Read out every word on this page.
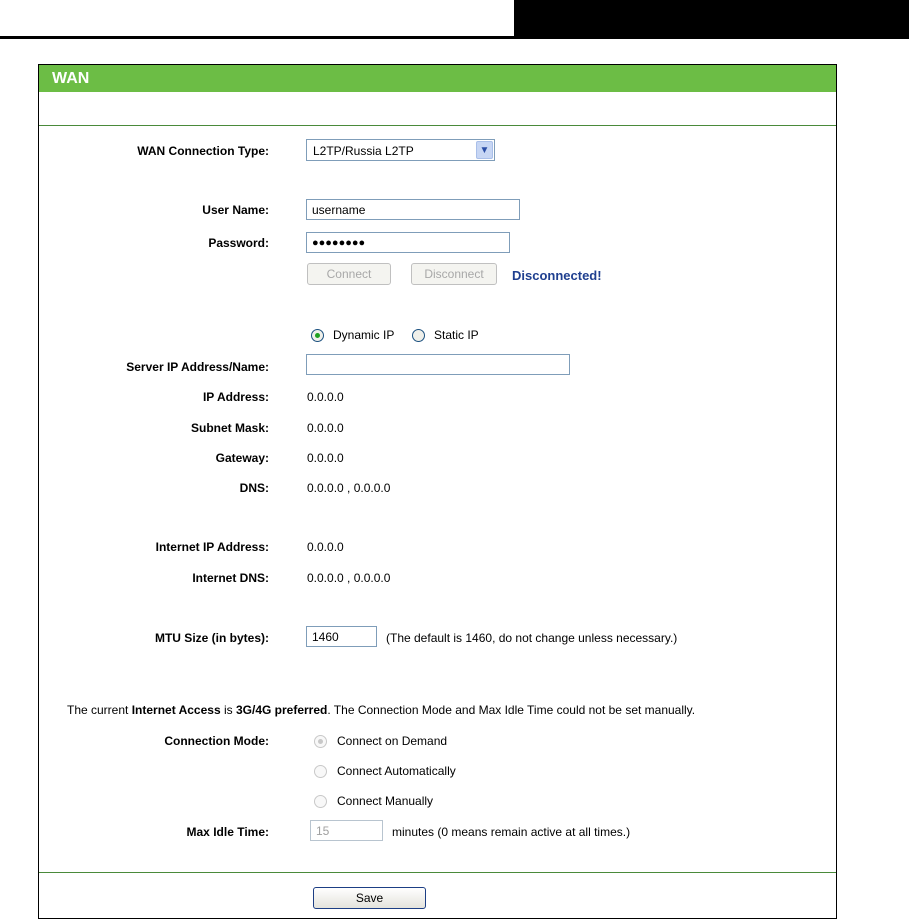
WAN
WAN Connection Type:	L2TP/Russia L2TP	▼
User Name:	username
Password:	●●●●●●●●
Connect	Disconnect	Disconnected!
Dynamic IP	Static IP
Server IP Address/Name:
IP Address:	0.0.0.0
Subnet Mask:	0.0.0.0
Gateway:	0.0.0.0
DNS:	0.0.0.0 , 0.0.0.0
Internet IP Address:	0.0.0.0
Internet DNS:	0.0.0.0 , 0.0.0.0
MTU Size (in bytes):	1460	(The default is 1460, do not change unless necessary.)
The current Internet Access is 3G/4G preferred. The Connection Mode and Max Idle Time could not be set manually.
Connection Mode:	Connect on Demand
Connect Automatically
Connect Manually
Max Idle Time:	15	minutes (0 means remain active at all times.)
Save
